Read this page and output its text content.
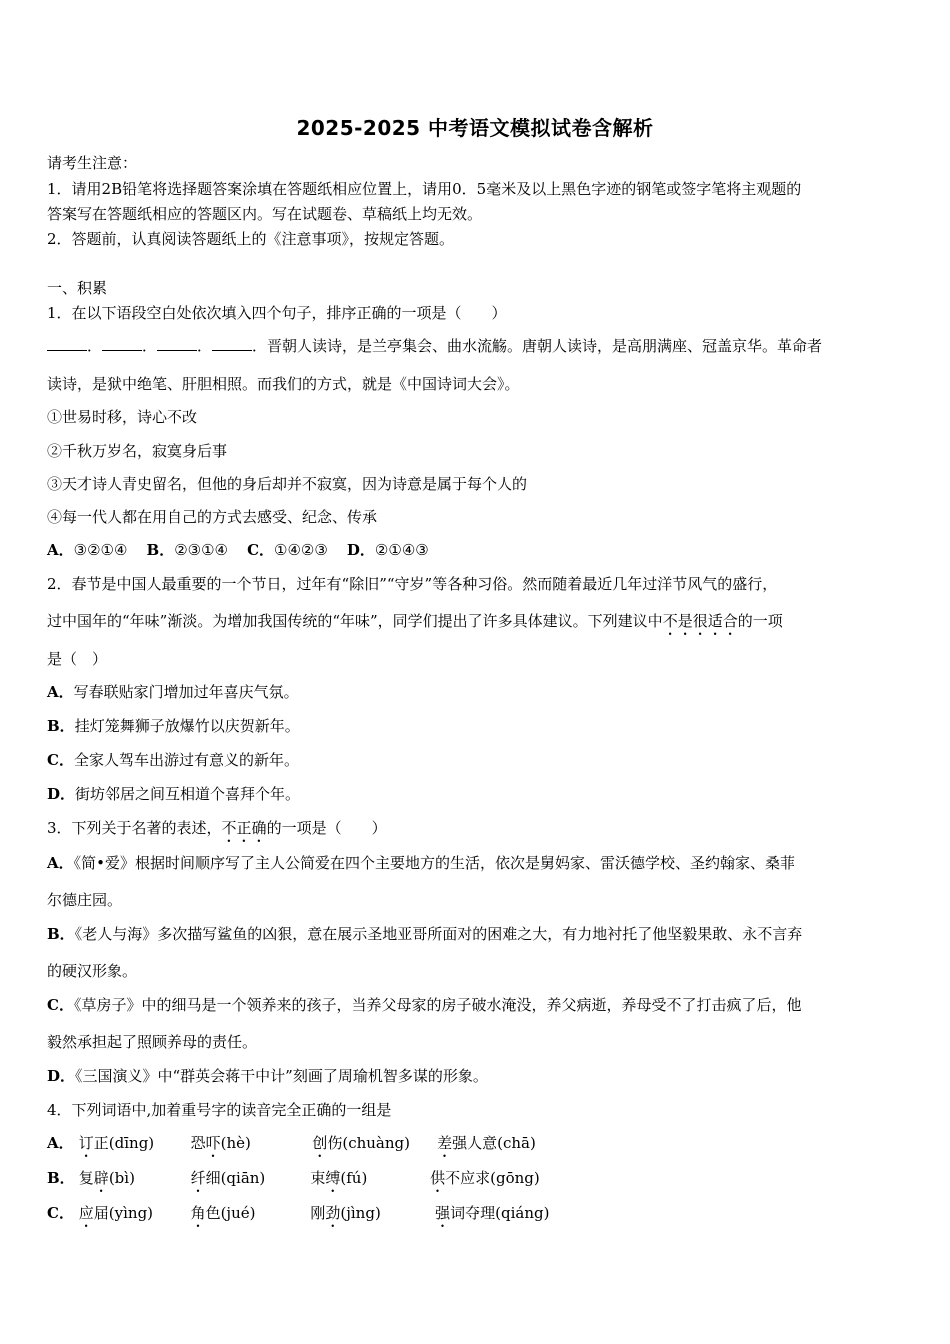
2025-2025 中考语文模拟试卷含解析
请考生注意：
1．请用2B铅笔将选择题答案涂填在答题纸相应位置上，请用0．5毫米及以上黑色字迹的钢笔或签字笔将主观题的
答案写在答题纸相应的答题区内。写在试题卷、草稿纸上均无效。
2．答题前，认真阅读答题纸上的《注意事项》，按规定答题。
一、积累
1．在以下语段空白处依次填入四个句子，排序正确的一项是（　　）
．	．	．	．晋朝人读诗，是兰亭集会、曲水流觞。唐朝人读诗，是高朋满座、冠盖京华。革命者
读诗，是狱中绝笔、肝胆相照。而我们的方式，就是《中国诗词大会》。
①世易时移，诗心不改
②千秋万岁名，寂寞身后事
③天才诗人青史留名，但他的身后却并不寂寞，因为诗意是属于每个人的
④每一代人都在用自己的方式去感受、纪念、传承
A．③②①④ B．②③①④ C．①④②③ D．②①④③
2．春节是中国人最重要的一个节日，过年有“除旧”“守岁”等各种习俗。然而随着最近几年过洋节风气的盛行，
过中国年的“年味”渐淡。为增加我国传统的“年味”，同学们提出了许多具体建议。下列建议中不是很适合的一项
是（　）
A．写春联贴家门增加过年喜庆气氛。
B．挂灯笼舞狮子放爆竹以庆贺新年。
C．全家人驾车出游过有意义的新年。
D．街坊邻居之间互相道个喜拜个年。
3．下列关于名著的表述，不正确的一项是（　　）
A．《简•爱》根据时间顺序写了主人公简爱在四个主要地方的生活，依次是舅妈家、雷沃德学校、圣约翰家、桑菲
尔德庄园。
B．《老人与海》多次描写鲨鱼的凶狠，意在展示圣地亚哥所面对的困难之大，有力地衬托了他坚毅果敢、永不言弃
的硬汉形象。
C．《草房子》中的细马是一个领养来的孩子，当养父母家的房子破水淹没，养父病逝，养母受不了打击疯了后，他
毅然承担起了照顾养母的责任。
D．《三国演义》中“群英会蒋干中计”刻画了周瑜机智多谋的形象。
4．下列词语中,加着重号字的读音完全正确的一组是
A． 订正(dīng) 恐吓(hè)	创伤(chuàng) 差强人意(chā)
B． 复辟(bì)	纤细(qiān)	束缚(fú)	供不应求(gōng)
C． 应届(yìng)	角色(jué)	刚劲(jìng)	强词夺理(qiáng)
